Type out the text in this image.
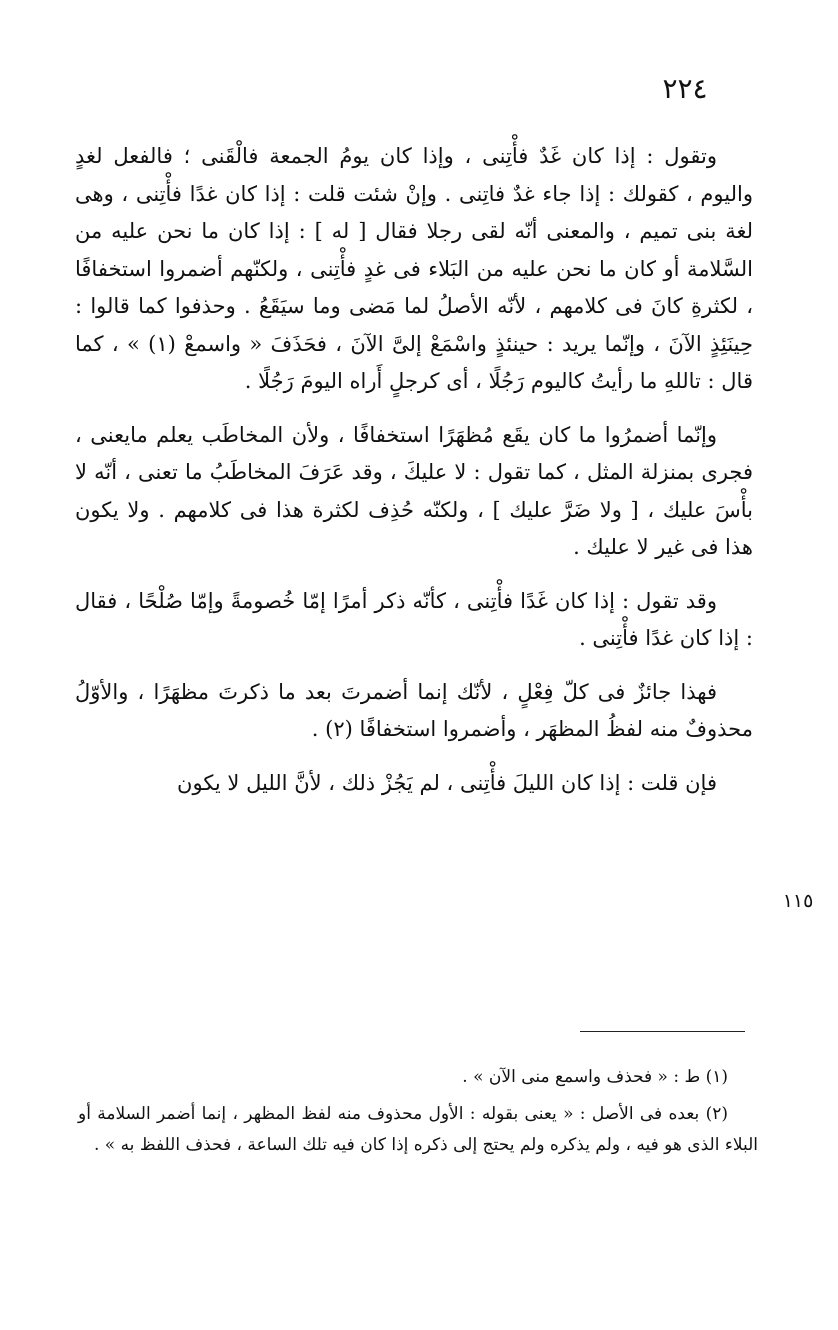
٢٢٤

وتقول : إذا كان غَدٌ فأْتِنى ، وإذا كان يومُ الجمعة فالْقَنى ؛ فالفعل لغدٍ واليوم ، كقولك : إذا جاء غدٌ فاتِنى . وإنْ شئت قلت : إذا كان غدًا فأْتِنى ، وهى لغة بنى تميم ، والمعنى أنّه لقى رجلا فقال [ له ] : إذا كان ما نحن عليه من السَّلامة أو كان ما نحن عليه من البَلاء فى غدٍ فأْتِنى ، ولكنّهم أضمروا استخفافًا ، لكثرةِ كانَ فى كلامهم ، لأنّه الأصلُ لما مَضى وما سيَقَعُ . وحذفوا كما قالوا : حِينَئِذٍ الآنَ ، وإنّما يريد : حينئذٍ واسْمَعْ إلىَّ الآنَ ، فحَذَفَ « واسمعْ (١) » ، كما قال : تاللهِ ما رأيتُ كاليوم رَجُلًا ، أى كرجلٍ أَراه اليومَ رَجُلًا .

وإنّما أضمرُوا ما كان يقَع مُظهَرًا استخفافًا ، ولأن المخاطَب يعلم مايعنى ، فجرى بمنزلة المثل ، كما تقول : لا عليكَ ، وقد عَرَفَ المخاطَبُ ما تعنى ، أنّه لا بأْسَ عليك ، [ ولا ضَرَّ عليك ] ، ولكنّه حُذِف لكثرة هذا فى كلامهم . ولا يكون هذا فى غير لا عليك .

وقد تقول : إذا كان غَدًا فأْتِنى ، كأنّه ذكر أمرًا إمّا خُصومةً وإمّا صُلْحًا ، فقال : إذا كان غدًا فأْتِنى .

فهذا جائزٌ فى كلّ فِعْلٍ ، لأنّك إنما أضمرتَ بعد ما ذكرتَ مظهَرًا ، والأوّلُ محذوفٌ منه لفظُ المظهَر ، وأضمروا استخفافًا (٢) .

فإن قلت : إذا كان الليلَ فأْتِنى ، لم يَجُزْ ذلك ، لأنَّ الليل لا يكون

١١٥

(١) ط : « فحذف واسمع منى الآن » .

(٢) بعده فى الأصل : « يعنى بقوله : الأول محذوف منه لفظ المظهر ، إنما أضمر السلامة أو البلاء الذى هو فيه ، ولم يذكره ولم يحتج إلى ذكره إذا كان فيه تلك الساعة ، فحذف اللفظ به » .
